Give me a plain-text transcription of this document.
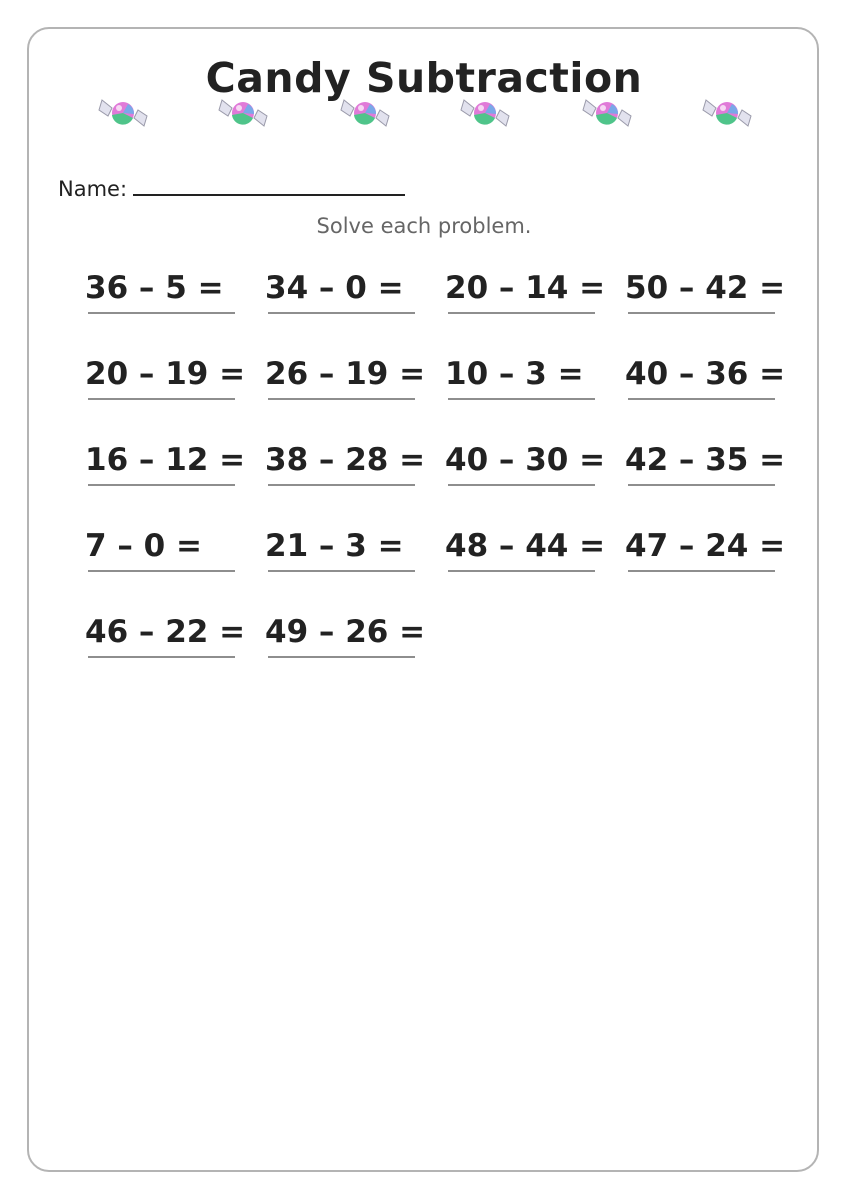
Candy Subtraction
Name:
Solve each problem.
36 – 5 = 34 – 0 = 20 – 14 = 50 – 42 =
20 – 19 = 26 – 19 = 10 – 3 = 40 – 36 =
16 – 12 = 38 – 28 = 40 – 30 = 42 – 35 =
7 – 0 = 21 – 3 = 48 – 44 = 47 – 24 =
46 – 22 = 49 – 26 =
